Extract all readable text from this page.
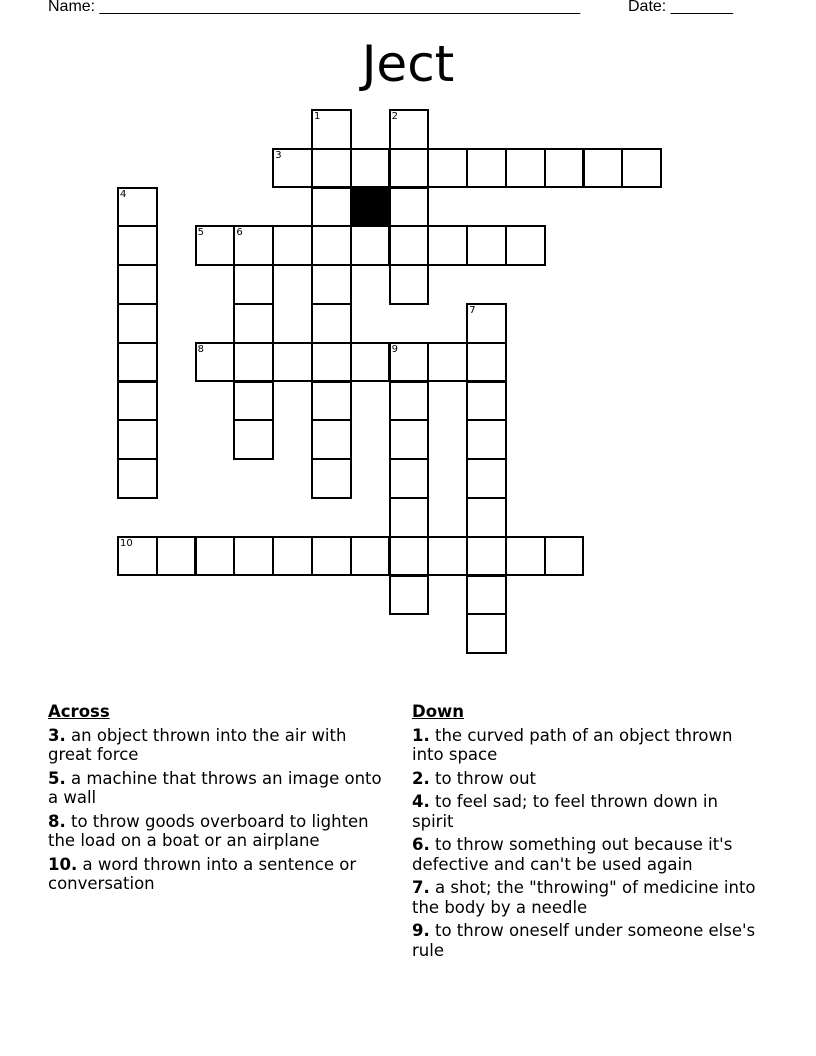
Name: ______________________________________________________	Date: _______
Ject
1	2
3
4
5	6
7
8	9
10
Across
3. an object thrown into the air with great force
5. a machine that throws an image onto a wall
8. to throw goods overboard to lighten the load on a boat or an airplane
10. a word thrown into a sentence or conversation
Down
1. the curved path of an object thrown into space
2. to throw out
4. to feel sad; to feel thrown down in spirit
6. to throw something out because it's defective and can't be used again
7. a shot; the "throwing" of medicine into the body by a needle
9. to throw oneself under someone else's rule
